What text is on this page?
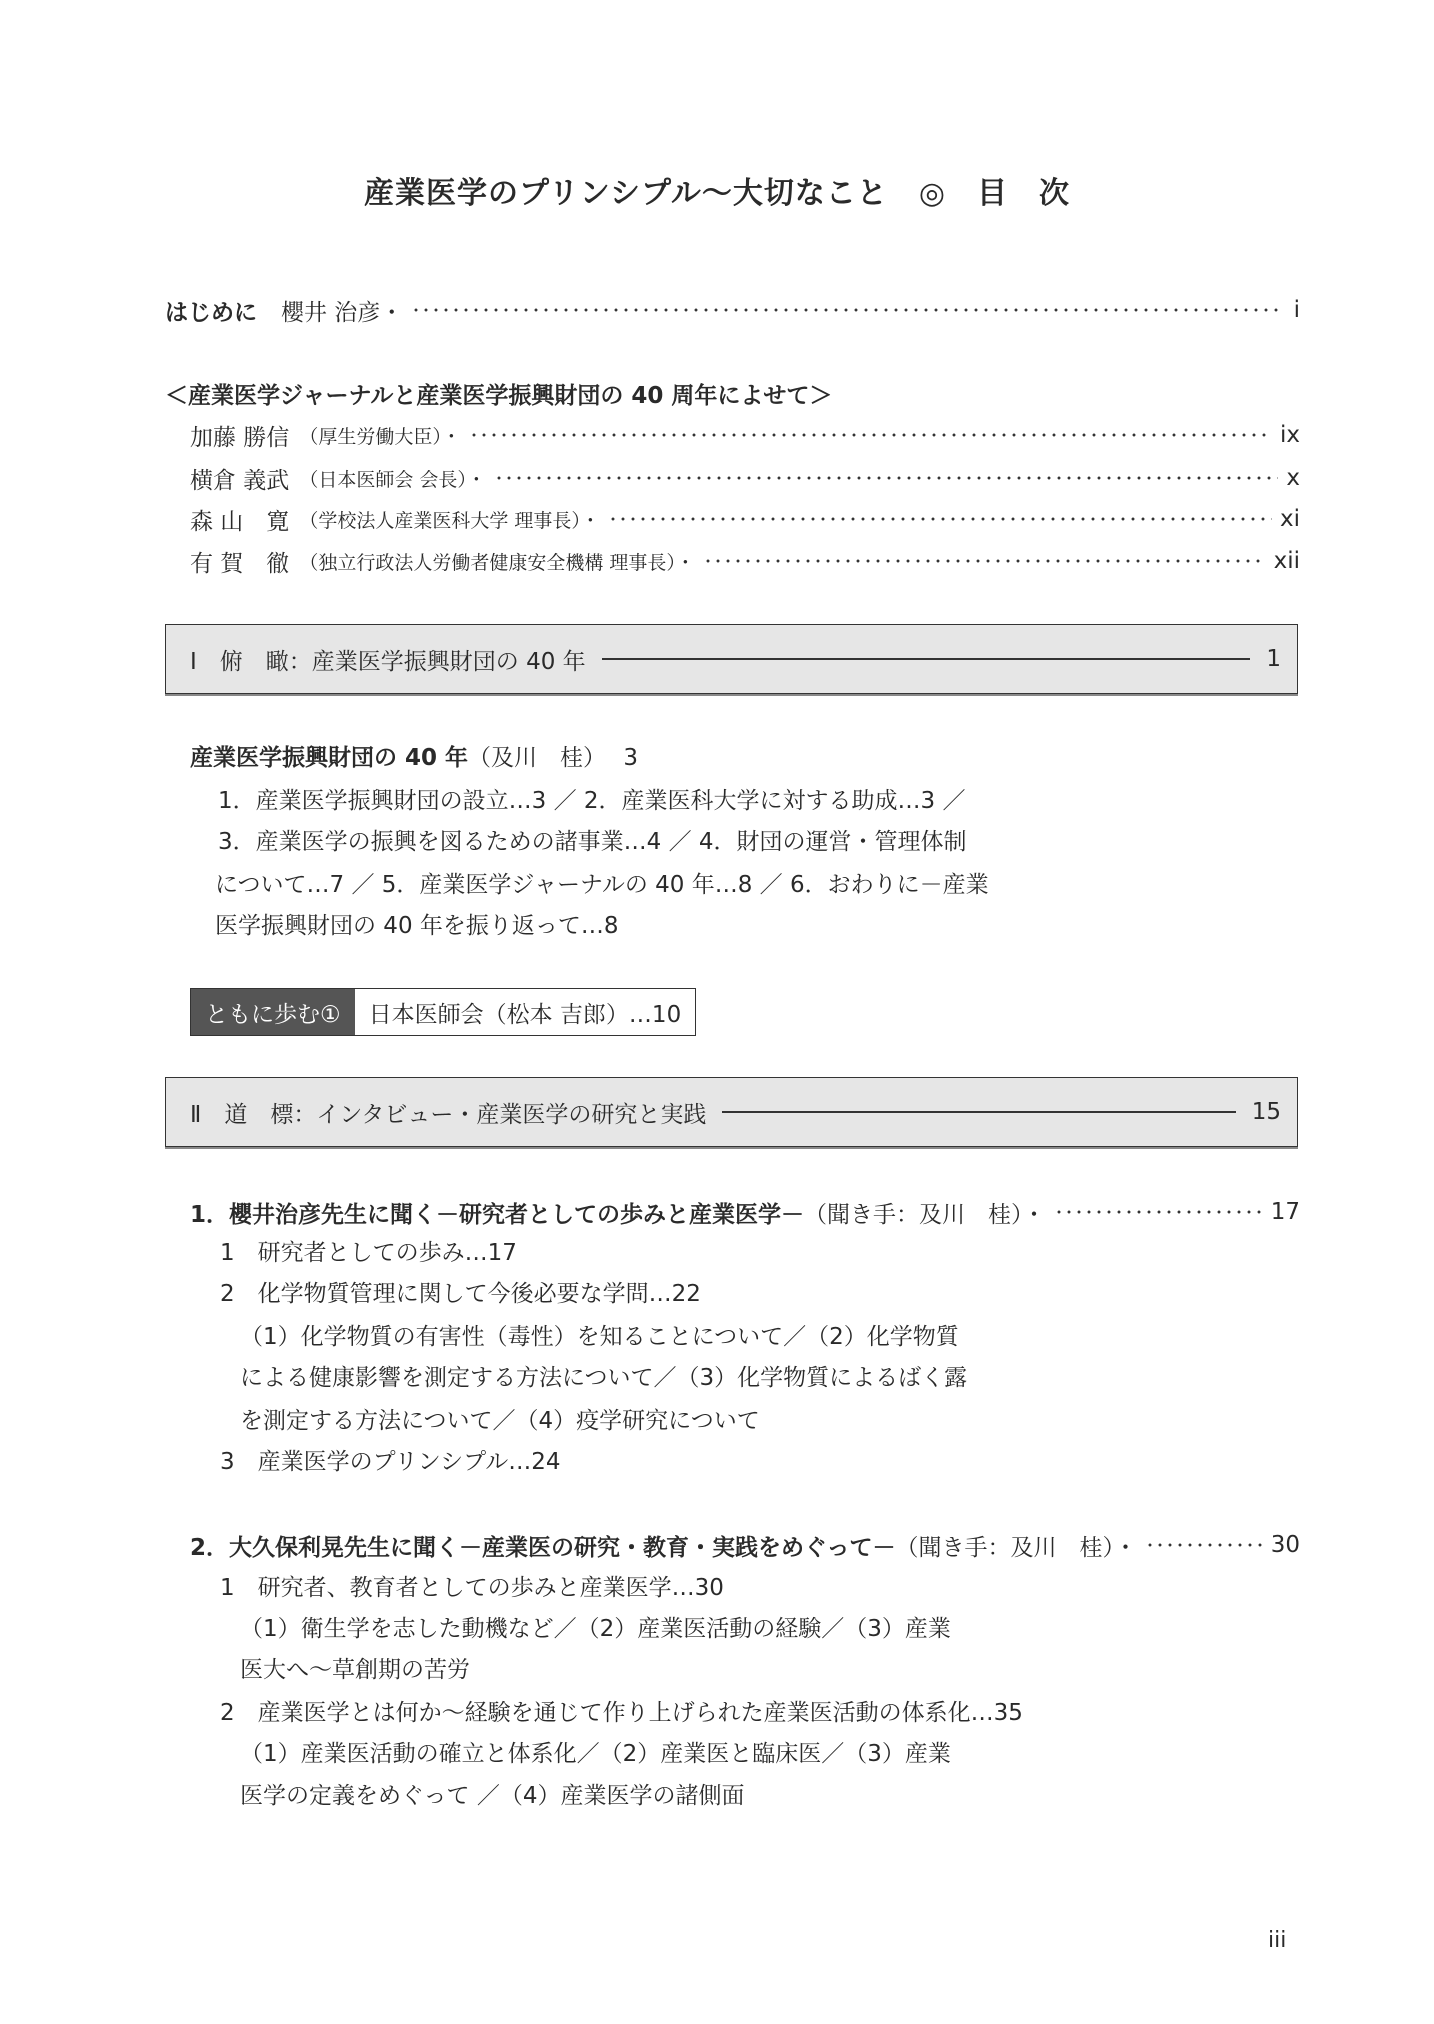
産業医学のプリンシプル〜大切なこと　◎　目　次
はじめに 櫻井 治彦・	i
＜産業医学ジャーナルと産業医学振興財団の 40 周年によせて＞
加藤 勝信 （厚生労働大臣）・	ix
横倉 義武 （日本医師会 会長）・	x
森 山　寛 （学校法人産業医科大学 理事長）・	xi
有 賀　徹 （独立行政法人労働者健康安全機構 理事長）・	xii
Ⅰ　俯　瞰：産業医学振興財団の 40 年	1
産業医学振興財団の 40 年（及川　桂） 3
1．産業医学振興財団の設立…3 ／ 2．産業医科大学に対する助成…3 ／
3．産業医学の振興を図るための諸事業…4 ／ 4．財団の運営・管理体制
について…7 ／ 5．産業医学ジャーナルの 40 年…8 ／ 6．おわりに－産業
医学振興財団の 40 年を振り返って…8
ともに歩む①	日本医師会（松本 吉郎）…10
Ⅱ　道　標：インタビュー・産業医学の研究と実践	15
1．櫻井治彦先生に聞く－研究者としての歩みと産業医学－ （聞き手：及川　桂）・	17
1　研究者としての歩み…17
2　化学物質管理に関して今後必要な学問…22
（1）化学物質の有害性（毒性）を知ることについて／（2）化学物質
による健康影響を測定する方法について／（3）化学物質によるばく露
を測定する方法について／（4）疫学研究について
3　産業医学のプリンシプル…24
2．大久保利晃先生に聞く－産業医の研究・教育・実践をめぐって－ （聞き手：及川　桂）・	30
1　研究者、教育者としての歩みと産業医学…30
（1）衛生学を志した動機など／（2）産業医活動の経験／（3）産業
医大へ〜草創期の苦労
2　産業医学とは何か〜経験を通じて作り上げられた産業医活動の体系化…35
（1）産業医活動の確立と体系化／（2）産業医と臨床医／（3）産業
医学の定義をめぐって ／（4）産業医学の諸側面
iii
